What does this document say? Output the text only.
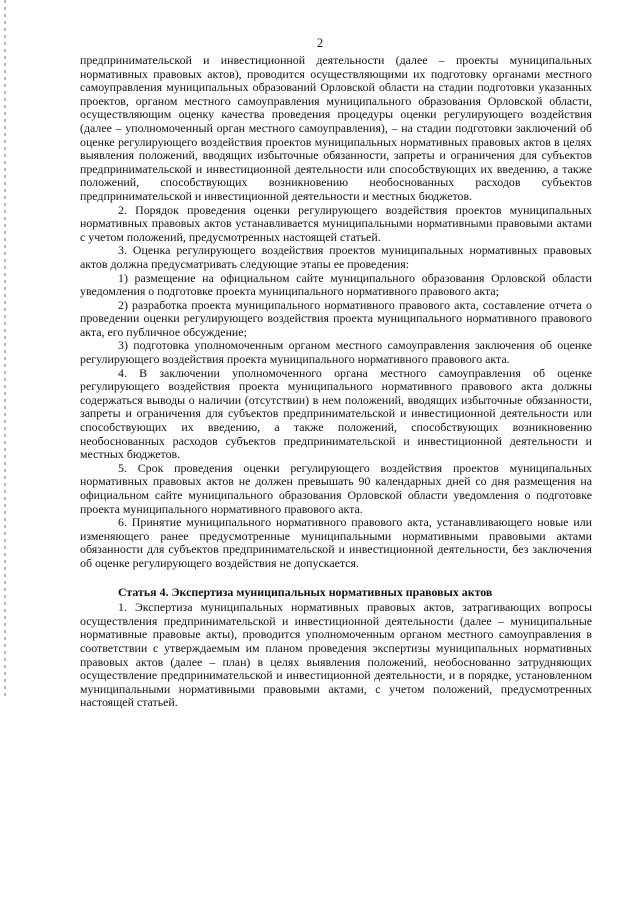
2

предпринимательской и инвестиционной деятельности (далее – проекты муниципальных нормативных правовых актов), проводится осуществляющими их подготовку органами местного самоуправления муниципальных образований Орловской области на стадии подготовки указанных проектов, органом местного самоуправления муниципального образования Орловской области, осуществляющим оценку качества проведения процедуры оценки регулирующего воздействия (далее – уполномоченный орган местного самоуправления), – на стадии подготовки заключений об оценке регулирующего воздействия проектов муниципальных нормативных правовых актов в целях выявления положений, вводящих избыточные обязанности, запреты и ограничения для субъектов предпринимательской и инвестиционной деятельности или способствующих их введению, а также положений, способствующих возникновению необоснованных расходов субъектов предпринимательской и инвестиционной деятельности и местных бюджетов.

2. Порядок проведения оценки регулирующего воздействия проектов муниципальных нормативных правовых актов устанавливается муниципальными нормативными правовыми актами с учетом положений, предусмотренных настоящей статьей.

3. Оценка регулирующего воздействия проектов муниципальных нормативных правовых актов должна предусматривать следующие этапы ее проведения:

1) размещение на официальном сайте муниципального образования Орловской области уведомления о подготовке проекта муниципального нормативного правового акта;

2) разработка проекта муниципального нормативного правового акта, составление отчета о проведении оценки регулирующего воздействия проекта муниципального нормативного правового акта, его публичное обсуждение;

3) подготовка уполномоченным органом местного самоуправления заключения об оценке регулирующего воздействия проекта муниципального нормативного правового акта.

4. В заключении уполномоченного органа местного самоуправления об оценке регулирующего воздействия проекта муниципального нормативного правового акта должны содержаться выводы о наличии (отсутствии) в нем положений, вводящих избыточные обязанности, запреты и ограничения для субъектов предпринимательской и инвестиционной деятельности или способствующих их введению, а также положений, способствующих возникновению необоснованных расходов субъектов предпринимательской и инвестиционной деятельности и местных бюджетов.

5. Срок проведения оценки регулирующего воздействия проектов муниципальных нормативных правовых актов не должен превышать 90 календарных дней со дня размещения на официальном сайте муниципального образования Орловской области уведомления о подготовке проекта муниципального нормативного правового акта.

6. Принятие муниципального нормативного правового акта, устанавливающего новые или изменяющего ранее предусмотренные муниципальными нормативными правовыми актами обязанности для субъектов предпринимательской и инвестиционной деятельности, без заключения об оценке регулирующего воздействия не допускается.

Статья 4. Экспертиза муниципальных нормативных правовых актов

1. Экспертиза муниципальных нормативных правовых актов, затрагивающих вопросы осуществления предпринимательской и инвестиционной деятельности (далее – муниципальные нормативные правовые акты), проводится уполномоченным органом местного самоуправления в соответствии с утверждаемым им планом проведения экспертизы муниципальных нормативных правовых актов (далее – план) в целях выявления положений, необоснованно затрудняющих осуществление предпринимательской и инвестиционной деятельности, и в порядке, установленном муниципальными нормативными правовыми актами, с учетом положений, предусмотренных настоящей статьей.
